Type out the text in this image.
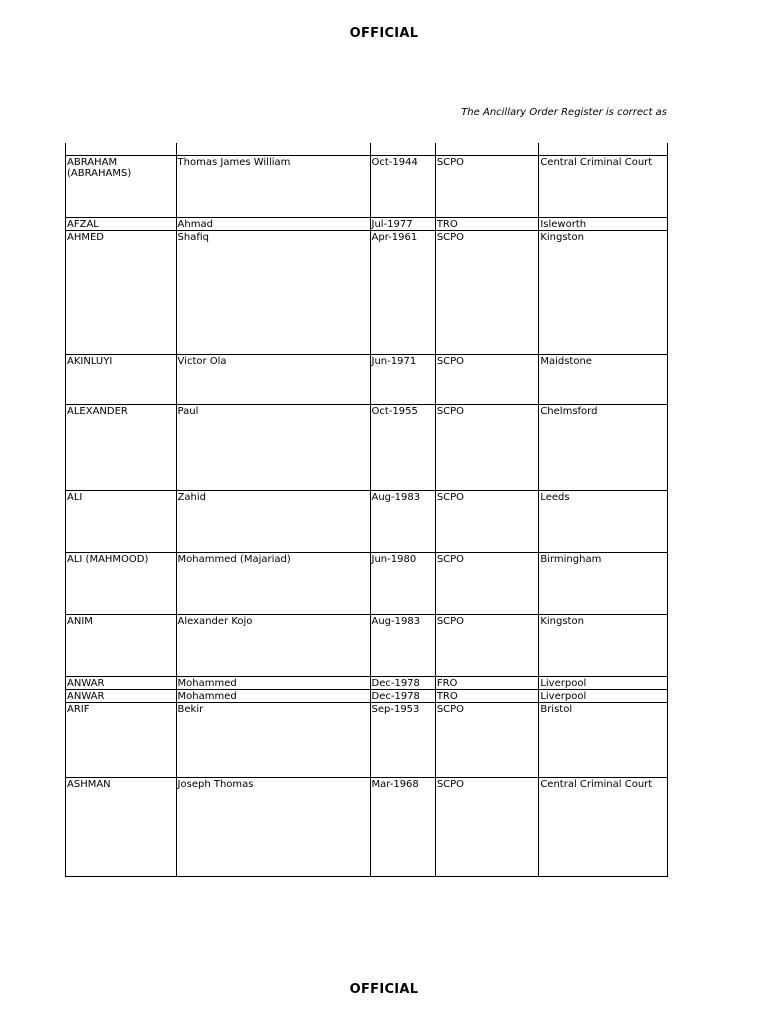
OFFICIAL
The Ancillary Order Register is correct as

ABRAHAM (ABRAHAMS)	Thomas James William	Oct-1944	SCPO	Central Criminal Court
AFZAL	Ahmad	Jul-1977	TRO	Isleworth
AHMED	Shafiq	Apr-1961	SCPO	Kingston
AKINLUYI	Victor Ola	Jun-1971	SCPO	Maidstone
ALEXANDER	Paul	Oct-1955	SCPO	Chelmsford
ALI	Zahid	Aug-1983	SCPO	Leeds
ALI (MAHMOOD)	Mohammed (Majariad)	Jun-1980	SCPO	Birmingham
ANIM	Alexander Kojo	Aug-1983	SCPO	Kingston
ANWAR	Mohammed	Dec-1978	FRO	Liverpool
ANWAR	Mohammed	Dec-1978	TRO	Liverpool
ARIF	Bekir	Sep-1953	SCPO	Bristol
ASHMAN	Joseph Thomas	Mar-1968	SCPO	Central Criminal Court
OFFICIAL
